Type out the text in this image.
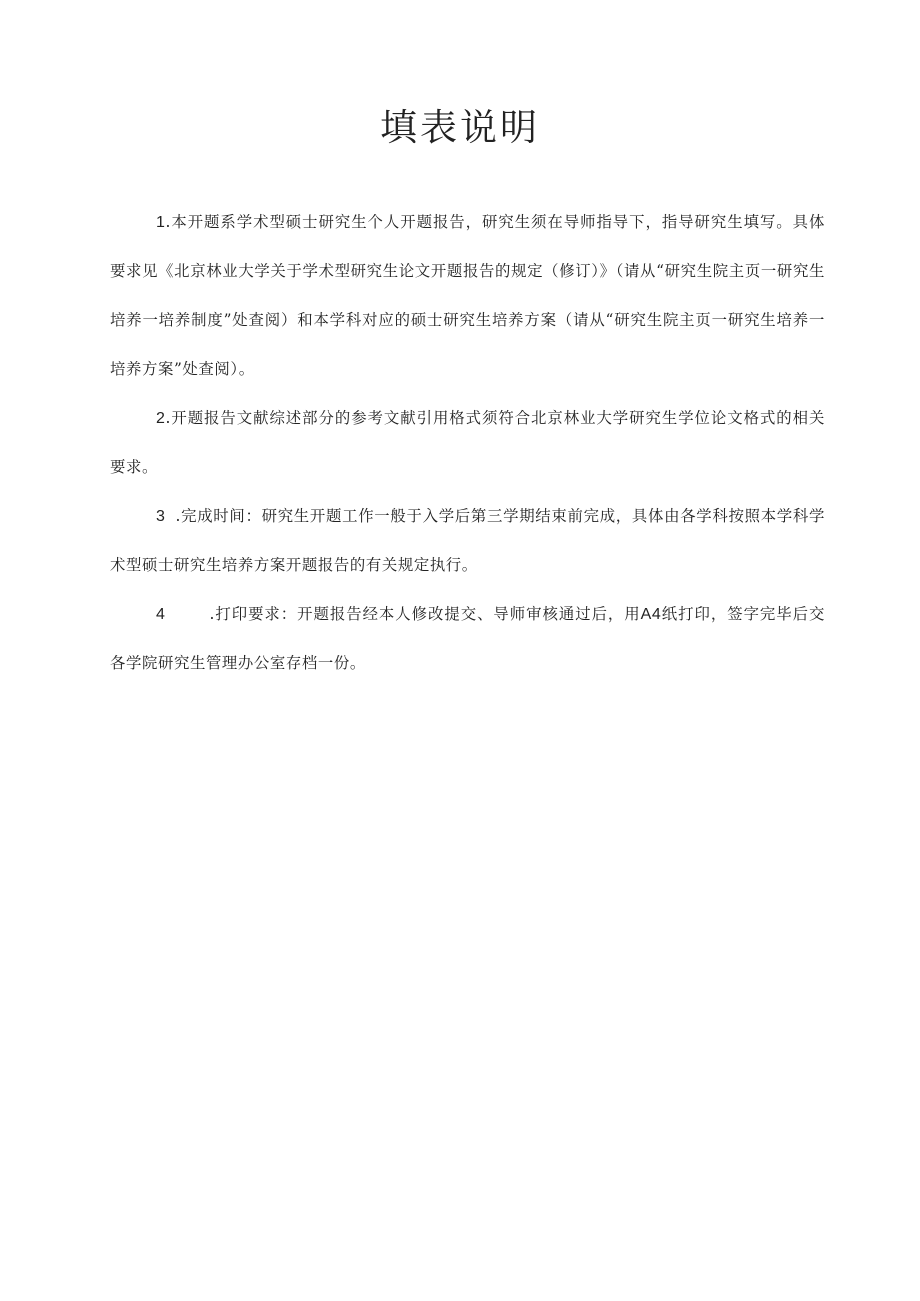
填表说明

1.本开题系学术型硕士研究生个人开题报告，研究生须在导师指导下，指导研究生填写。具体要求见《北京林业大学关于学术型研究生论文开题报告的规定（修订）》（请从“研究生院主页一研究生培养一培养制度”处查阅）和本学科对应的硕士研究生培养方案（请从“研究生院主页一研究生培养一培养方案”处查阅）。

2.开题报告文献综述部分的参考文献引用格式须符合北京林业大学研究生学位论文格式的相关要求。

3 .完成时间：研究生开题工作一般于入学后第三学期结束前完成，具体由各学科按照本学科学术型硕士研究生培养方案开题报告的有关规定执行。

4	.打印要求：开题报告经本人修改提交、导师审核通过后，用A4纸打印，签字完毕后交各学院研究生管理办公室存档一份。
